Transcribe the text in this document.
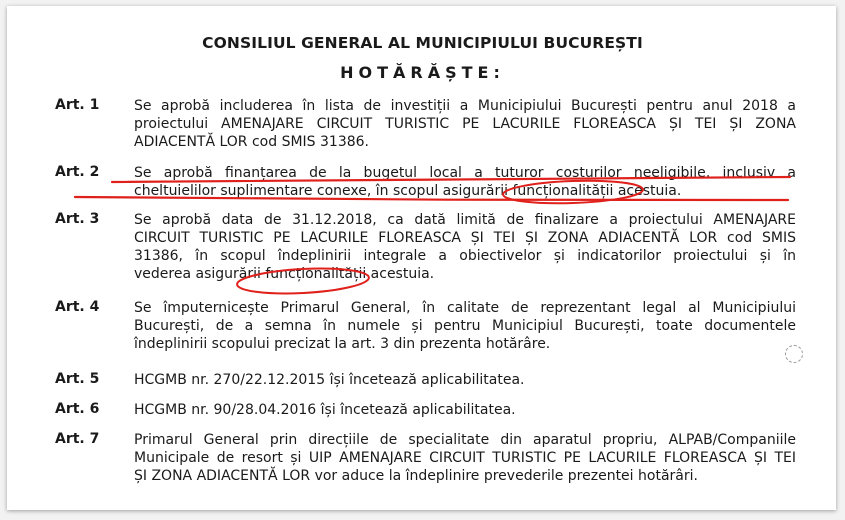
CONSILIUL GENERAL AL MUNICIPIULUI BUCUREȘTI
HOTĂRĂȘTE:
Art. 1	Se aprobă includerea în lista de investiții a Municipiului București pentru anul 2018 a
proiectului AMENAJARE CIRCUIT TURISTIC PE LACURILE FLOREASCA ȘI TEI ȘI ZONA
ADIACENTĂ LOR cod SMIS 31386.
Art. 2	Se aprobă finanțarea de la bugetul local a tuturor costurilor neeligibile, inclusiv a
cheltuielilor suplimentare conexe, în scopul asigurării funcționalității acestuia.
Art. 3	Se aprobă data de 31.12.2018, ca dată limită de finalizare a proiectului AMENAJARE
CIRCUIT TURISTIC PE LACURILE FLOREASCA ȘI TEI ȘI ZONA ADIACENTĂ LOR cod SMIS
31386, în scopul îndeplinirii integrale a obiectivelor și indicatorilor proiectului și în
vederea asigurării funcționalității acestuia.
Art. 4	Se împuternicește Primarul General, în calitate de reprezentant legal al Municipiului
București, de a semna în numele și pentru Municipiul București, toate documentele
îndeplinirii scopului precizat la art. 3 din prezenta hotărâre.
Art. 5	HCGMB nr. 270/22.12.2015 își încetează aplicabilitatea.
Art. 6	HCGMB nr. 90/28.04.2016 își încetează aplicabilitatea.
Art. 7	Primarul General prin direcțiile de specialitate din aparatul propriu, ALPAB/Companiile
Municipale de resort și UIP AMENAJARE CIRCUIT TURISTIC PE LACURILE FLOREASCA ȘI TEI
ȘI ZONA ADIACENTĂ LOR vor aduce la îndeplinire prevederile prezentei hotărâri.
